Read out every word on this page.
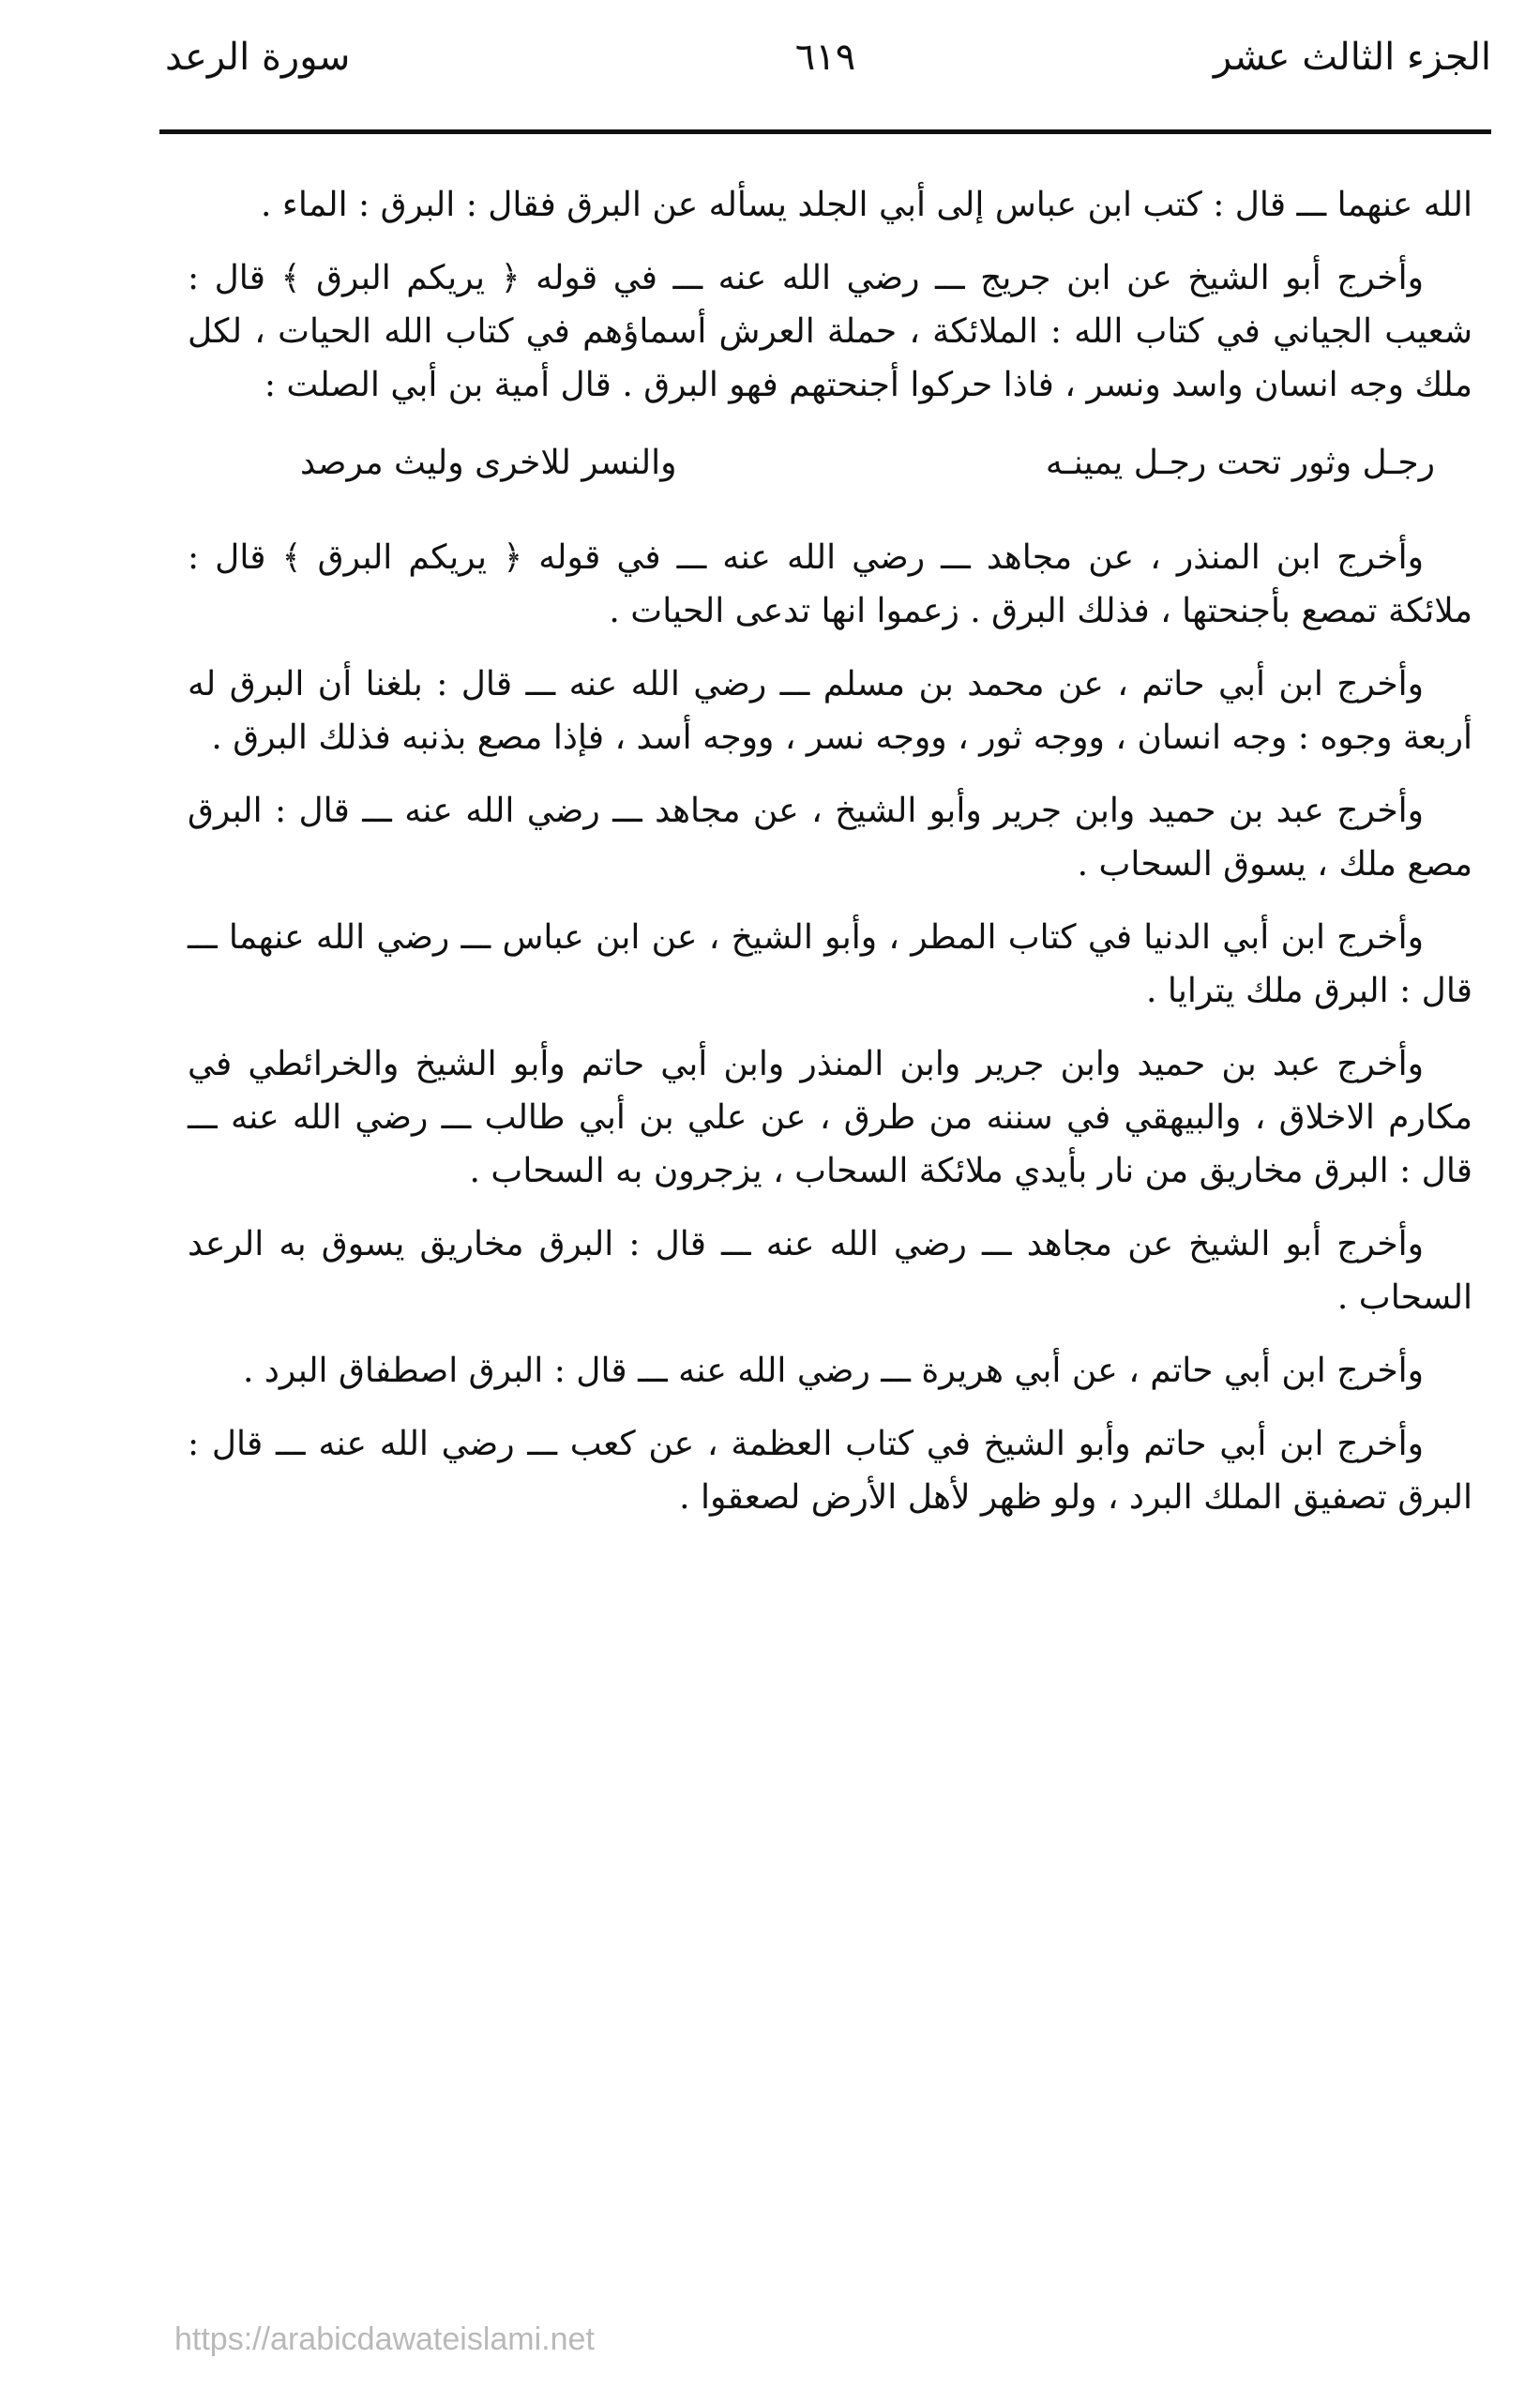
الجزء الثالث عشر
٦١٩
سورة الرعد

الله عنهما ـــ قال : كتب ابن عباس إلى أبي الجلد يسأله عن البرق فقال : البرق : الماء .

وأخرج أبو الشيخ عن ابن جريج ـــ رضي الله عنه ـــ في قوله ﴿ يريكم البرق ﴾ قال : شعيب الجياني في كتاب الله : الملائكة ، حملة العرش أسماؤهم في كتاب الله الحيات ، لكل ملك وجه انسان واسد ونسر ، فاذا حركوا أجنحتهم فهو البرق . قال أمية بن أبي الصلت :

رجـل وثور تحت رجـل يمينـه
والنسر للاخرى وليث مرصد

وأخرج ابن المنذر ، عن مجاهد ـــ رضي الله عنه ـــ في قوله ﴿ يريكم البرق ﴾ قال : ملائكة تمصع بأجنحتها ، فذلك البرق . زعموا انها تدعى الحيات .

وأخرج ابن أبي حاتم ، عن محمد بن مسلم ـــ رضي الله عنه ـــ قال : بلغنا أن البرق له أربعة وجوه : وجه انسان ، ووجه ثور ، ووجه نسر ، ووجه أسد ، فإذا مصع بذنبه فذلك البرق .

وأخرج عبد بن حميد وابن جرير وأبو الشيخ ، عن مجاهد ـــ رضي الله عنه ـــ قال : البرق مصع ملك ، يسوق السحاب .

وأخرج ابن أبي الدنيا في كتاب المطر ، وأبو الشيخ ، عن ابن عباس ـــ رضي الله عنهما ـــ قال : البرق ملك يترايا .

وأخرج عبد بن حميد وابن جرير وابن المنذر وابن أبي حاتم وأبو الشيخ والخرائطي في مكارم الاخلاق ، والبيهقي في سننه من طرق ، عن علي بن أبي طالب ـــ رضي الله عنه ـــ قال : البرق مخاريق من نار بأيدي ملائكة السحاب ، يزجرون به السحاب .

وأخرج أبو الشيخ عن مجاهد ـــ رضي الله عنه ـــ قال : البرق مخاريق يسوق به الرعد السحاب .

وأخرج ابن أبي حاتم ، عن أبي هريرة ـــ رضي الله عنه ـــ قال : البرق اصطفاق البرد .

وأخرج ابن أبي حاتم وأبو الشيخ في كتاب العظمة ، عن كعب ـــ رضي الله عنه ـــ قال : البرق تصفيق الملك البرد ، ولو ظهر لأهل الأرض لصعقوا .

https://arabicdawateislami.net
